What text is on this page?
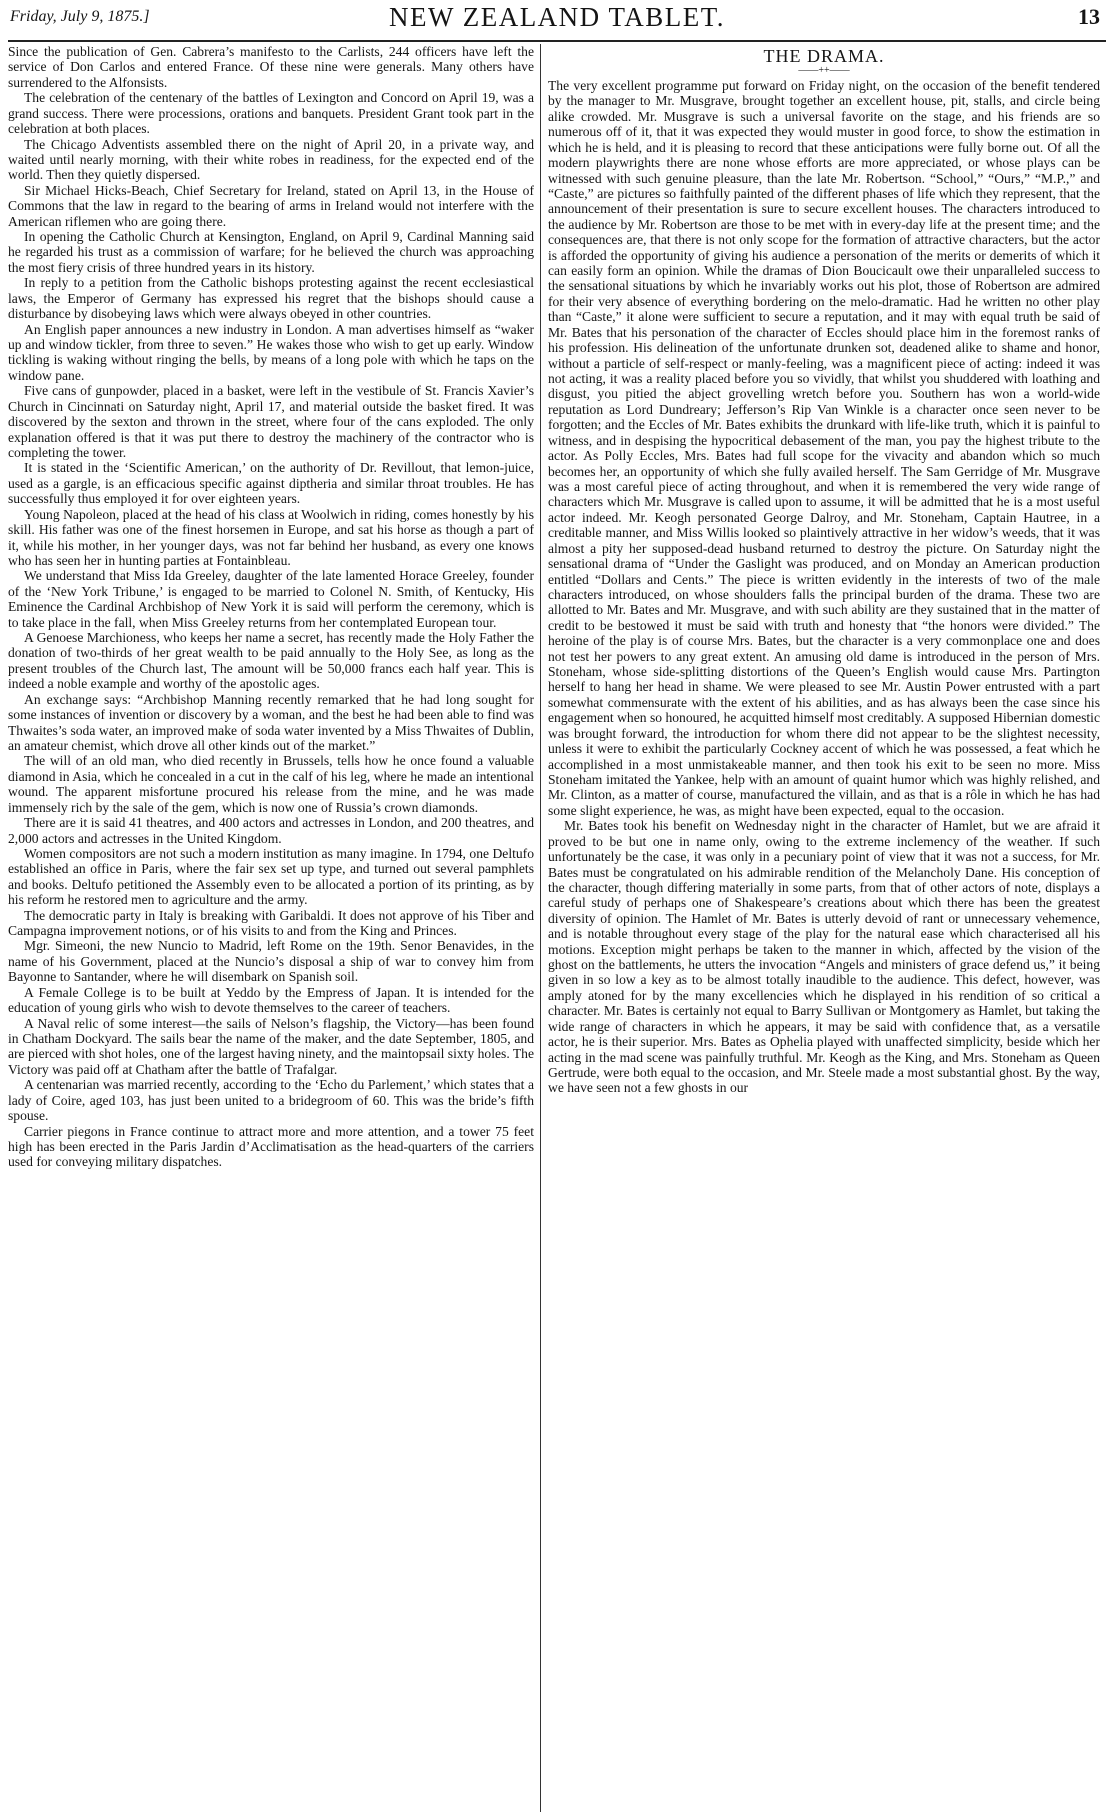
Friday, July 9, 1875.]	NEW ZEALAND TABLET.	13

Since the publication of Gen. Cabrera’s manifesto to the Carlists, 244 officers have left the service of Don Carlos and entered France. Of these nine were generals. Many others have surrendered to the Alfonsists.

The celebration of the centenary of the battles of Lexington and Concord on April 19, was a grand success. There were processions, orations and banquets. President Grant took part in the celebration at both places.

The Chicago Adventists assembled there on the night of April 20, in a private way, and waited until nearly morning, with their white robes in readiness, for the expected end of the world. Then they quietly dispersed.

Sir Michael Hicks-Beach, Chief Secretary for Ireland, stated on April 13, in the House of Commons that the law in regard to the bearing of arms in Ireland would not interfere with the American riflemen who are going there.

In opening the Catholic Church at Kensington, England, on April 9, Cardinal Manning said he regarded his trust as a commission of warfare; for he believed the church was approaching the most fiery crisis of three hundred years in its history.

In reply to a petition from the Catholic bishops protesting against the recent ecclesiastical laws, the Emperor of Germany has expressed his regret that the bishops should cause a disturbance by disobeying laws which were always obeyed in other countries.

An English paper announces a new industry in London. A man advertises himself as “waker up and window tickler, from three to seven.” He wakes those who wish to get up early. Window tickling is waking without ringing the bells, by means of a long pole with which he taps on the window pane.

Five cans of gunpowder, placed in a basket, were left in the vestibule of St. Francis Xavier’s Church in Cincinnati on Saturday night, April 17, and material outside the basket fired. It was discovered by the sexton and thrown in the street, where four of the cans exploded. The only explanation offered is that it was put there to destroy the machinery of the contractor who is completing the tower.

It is stated in the ‘Scientific American,’ on the authority of Dr. Revillout, that lemon-juice, used as a gargle, is an efficacious specific against diptheria and similar throat troubles. He has successfully thus employed it for over eighteen years.

Young Napoleon, placed at the head of his class at Woolwich in riding, comes honestly by his skill. His father was one of the finest horsemen in Europe, and sat his horse as though a part of it, while his mother, in her younger days, was not far behind her husband, as every one knows who has seen her in hunting parties at Fontainbleau.

We understand that Miss Ida Greeley, daughter of the late lamented Horace Greeley, founder of the ‘New York Tribune,’ is engaged to be married to Colonel N. Smith, of Kentucky, His Eminence the Cardinal Archbishop of New York it is said will perform the ceremony, which is to take place in the fall, when Miss Greeley returns from her contemplated European tour.

A Genoese Marchioness, who keeps her name a secret, has recently made the Holy Father the donation of two-thirds of her great wealth to be paid annually to the Holy See, as long as the present troubles of the Church last, The amount will be 50,000 francs each half year. This is indeed a noble example and worthy of the apostolic ages.

An exchange says: “Archbishop Manning recently remarked that he had long sought for some instances of invention or discovery by a woman, and the best he had been able to find was Thwaites’s soda water, an improved make of soda water invented by a Miss Thwaites of Dublin, an amateur chemist, which drove all other kinds out of the market.”

The will of an old man, who died recently in Brussels, tells how he once found a valuable diamond in Asia, which he concealed in a cut in the calf of his leg, where he made an intentional wound. The apparent misfortune procured his release from the mine, and he was made immensely rich by the sale of the gem, which is now one of Russia’s crown diamonds.

There are it is said 41 theatres, and 400 actors and actresses in London, and 200 theatres, and 2,000 actors and actresses in the United Kingdom.

Women compositors are not such a modern institution as many imagine. In 1794, one Deltufo established an office in Paris, where the fair sex set up type, and turned out several pamphlets and books. Deltufo petitioned the Assembly even to be allocated a portion of its printing, as by his reform he restored men to agriculture and the army.

The democratic party in Italy is breaking with Garibaldi. It does not approve of his Tiber and Campagna improvement notions, or of his visits to and from the King and Princes.

Mgr. Simeoni, the new Nuncio to Madrid, left Rome on the 19th. Senor Benavides, in the name of his Government, placed at the Nuncio’s disposal a ship of war to convey him from Bayonne to Santander, where he will disembark on Spanish soil.

A Female College is to be built at Yeddo by the Empress of Japan. It is intended for the education of young girls who wish to devote themselves to the career of teachers.

A Naval relic of some interest—the sails of Nelson’s flagship, the Victory—has been found in Chatham Dockyard. The sails bear the name of the maker, and the date September, 1805, and are pierced with shot holes, one of the largest having ninety, and the maintopsail sixty holes. The Victory was paid off at Chatham after the battle of Trafalgar.

A centenarian was married recently, according to the ‘Echo du Parlement,’ which states that a lady of Coire, aged 103, has just been united to a bridegroom of 60. This was the bride’s fifth spouse.

Carrier piegons in France continue to attract more and more attention, and a tower 75 feet high has been erected in the Paris Jardin d’Acclimatisation as the head-quarters of the carriers used for conveying military dispatches.

THE DRAMA.
——++——

The very excellent programme put forward on Friday night, on the occasion of the benefit tendered by the manager to Mr. Musgrave, brought together an excellent house, pit, stalls, and circle being alike crowded. Mr. Musgrave is such a universal favorite on the stage, and his friends are so numerous off of it, that it was expected they would muster in good force, to show the estimation in which he is held, and it is pleasing to record that these anticipations were fully borne out. Of all the modern playwrights there are none whose efforts are more appreciated, or whose plays can be witnessed with such genuine pleasure, than the late Mr. Robertson. “School,” “Ours,” “M.P.,” and “Caste,” are pictures so faithfully painted of the different phases of life which they represent, that the announcement of their presentation is sure to secure excellent houses. The characters introduced to the audience by Mr. Robertson are those to be met with in every-day life at the present time; and the consequences are, that there is not only scope for the formation of attractive characters, but the actor is afforded the opportunity of giving his audience a personation of the merits or demerits of which it can easily form an opinion. While the dramas of Dion Boucicault owe their unparalleled success to the sensational situations by which he invariably works out his plot, those of Robertson are admired for their very absence of everything bordering on the melo-dramatic. Had he written no other play than “Caste,” it alone were sufficient to secure a reputation, and it may with equal truth be said of Mr. Bates that his personation of the character of Eccles should place him in the foremost ranks of his profession. His delineation of the unfortunate drunken sot, deadened alike to shame and honor, without a particle of self-respect or manly-feeling, was a magnificent piece of acting: indeed it was not acting, it was a reality placed before you so vividly, that whilst you shuddered with loathing and disgust, you pitied the abject grovelling wretch before you. Southern has won a world-wide reputation as Lord Dundreary; Jefferson’s Rip Van Winkle is a character once seen never to be forgotten; and the Eccles of Mr. Bates exhibits the drunkard with life-like truth, which it is painful to witness, and in despising the hypocritical debasement of the man, you pay the highest tribute to the actor. As Polly Eccles, Mrs. Bates had full scope for the vivacity and abandon which so much becomes her, an opportunity of which she fully availed herself. The Sam Gerridge of Mr. Musgrave was a most careful piece of acting throughout, and when it is remembered the very wide range of characters which Mr. Musgrave is called upon to assume, it will be admitted that he is a most useful actor indeed. Mr. Keogh personated George Dalroy, and Mr. Stoneham, Captain Hautree, in a creditable manner, and Miss Willis looked so plaintively attractive in her widow’s weeds, that it was almost a pity her supposed-dead husband returned to destroy the picture. On Saturday night the sensational drama of “Under the Gaslight was produced, and on Monday an American production entitled “Dollars and Cents.” The piece is written evidently in the interests of two of the male characters introduced, on whose shoulders falls the principal burden of the drama. These two are allotted to Mr. Bates and Mr. Musgrave, and with such ability are they sustained that in the matter of credit to be bestowed it must be said with truth and honesty that “the honors were divided.” The heroine of the play is of course Mrs. Bates, but the character is a very commonplace one and does not test her powers to any great extent. An amusing old dame is introduced in the person of Mrs. Stoneham, whose side-splitting distortions of the Queen’s English would cause Mrs. Partington herself to hang her head in shame. We were pleased to see Mr. Austin Power entrusted with a part somewhat commensurate with the extent of his abilities, and as has always been the case since his engagement when so honoured, he acquitted himself most creditably. A supposed Hibernian domestic was brought forward, the introduction for whom there did not appear to be the slightest necessity, unless it were to exhibit the particularly Cockney accent of which he was possessed, a feat which he accomplished in a most unmistakeable manner, and then took his exit to be seen no more. Miss Stoneham imitated the Yankee, help with an amount of quaint humor which was highly relished, and Mr. Clinton, as a matter of course, manufactured the villain, and as that is a rôle in which he has had some slight experience, he was, as might have been expected, equal to the occasion.

Mr. Bates took his benefit on Wednesday night in the character of Hamlet, but we are afraid it proved to be but one in name only, owing to the extreme inclemency of the weather. If such unfortunately be the case, it was only in a pecuniary point of view that it was not a success, for Mr. Bates must be congratulated on his admirable rendition of the Melancholy Dane. His conception of the character, though differing materially in some parts, from that of other actors of note, displays a careful study of perhaps one of Shakespeare’s creations about which there has been the greatest diversity of opinion. The Hamlet of Mr. Bates is utterly devoid of rant or unnecessary vehemence, and is notable throughout every stage of the play for the natural ease which characterised all his motions. Exception might perhaps be taken to the manner in which, affected by the vision of the ghost on the battlements, he utters the invocation “Angels and ministers of grace defend us,” it being given in so low a key as to be almost totally inaudible to the audience. This defect, however, was amply atoned for by the many excellencies which he displayed in his rendition of so critical a character. Mr. Bates is certainly not equal to Barry Sullivan or Montgomery as Hamlet, but taking the wide range of characters in which he appears, it may be said with confidence that, as a versatile actor, he is their superior. Mrs. Bates as Ophelia played with unaffected simplicity, beside which her acting in the mad scene was painfully truthful. Mr. Keogh as the King, and Mrs. Stoneham as Queen Gertrude, were both equal to the occasion, and Mr. Steele made a most substantial ghost. By the way, we have seen not a few ghosts in our
